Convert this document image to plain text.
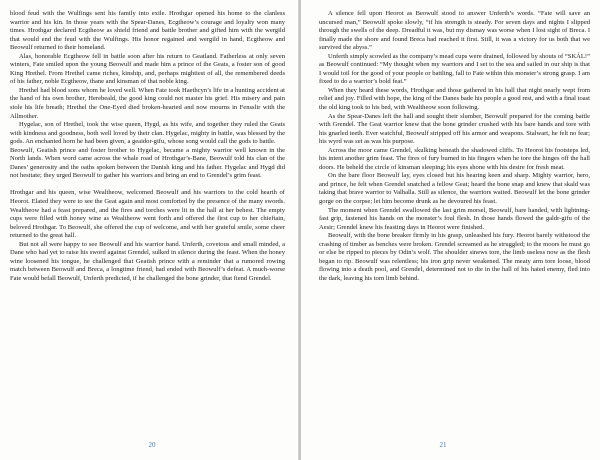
blood feud with the Wulfings sent his family into exile. Hrothgar opened his home to the clanless warrior and his kin. In those years with the Spear-Danes, Ecgtheow’s courage and loyalty won many times. Hrothgar declared Ecgtheow as shield friend and battle brother and gifted him with the wergild that would end the feud with the Wulfings. His honor regained and wergild in hand, Ecgtheow and Beowulf returned to their homeland.

Alas, honorable Ecgtheow fell in battle soon after his return to Geatland. Fatherless at only seven winters, Fate smiled upon the young Beowulf and made him a prince of the Geats, a foster son of good King Hrethel. From Hrethel came riches, kinship, and, perhaps mightiest of all, the remembered deeds of his father, noble Ecgtheow, thane and kinsman of that noble king.

Hrethel had blood sons whom he loved well. When Fate took Haethcyn’s life in a hunting accident at the hand of his own brother, Herebeald, the good king could not master his grief. His misery and pain stole his life breath; Hrethel the One-Eyed died broken-hearted and now mourns in Fensslir with the Allmother.

Hygelac, son of Hrethel, took the wise queen, Hygd, as his wife, and together they ruled the Geats with kindness and goodness, both well loved by their clan. Hygelac, mighty in battle, was blessed by the gods. An enchanted horn he had been given, a geaidor-gifu, whose song would call the gods to battle.

Beowulf, Geatish prince and foster brother to Hygelac, became a mighty warrior well known in the North lands. When word came across the whale road of Hrothgar’s-Bane, Beowulf told his clan of the Danes’ generosity and the oaths spoken between the Danish king and his father. Hygelac and Hygd did not hesitate; they urged Beowulf to gather his warriors and bring an end to Grendel’s grim feast.

Hrothgar and his queen, wise Wealtheow, welcomed Beowulf and his warriors to the cold hearth of Heorot. Elated they were to see the Geat again and most comforted by the presence of the many swords. Wealtheow had a feast prepared, and the fires and torches were lit in the hall at her behest. The empty cups were filled with honey wine as Wealtheow went forth and offered the first cup to her chieftain, beloved Hrothgar. To Beowulf, she offered the cup of welcome, and with her grateful smile, some cheer returned to the great hall.

But not all were happy to see Beowulf and his warrior band. Unferth, covetous and small minded, a Dane who had yet to raise his sword against Grendel, sulked in silence during the feast. When the honey wine loosened his tongue, he challenged that Geatish prince with a reminder that a rumored rowing match between Beowulf and Breca, a longtime friend, had ended with Beowulf’s defeat. A much-worse Fate would befall Beowulf, Unferth predicted, if he challenged the bone grinder, that fiend Grendel.

20

A silence fell upon Heorot as Beowulf stood to answer Unferth’s words. “Fate will save an uncursed man,” Beowulf spoke slowly, “if his strength is steady. For seven days and nights I slipped through the swells of the deep. Dreadful it was, but my dismay was worse when I lost sight of Breca. I finally made the shore and found Breca had reached it first. Still, it was a victory for us both that we survived the abyss.”

Unferth simply scowled as the company’s mead cups were drained, followed by shouts of “SKÁL!” as Beowulf continued: “My thought when my warriors and I set to the sea and sailed in our ship is that I would toil for the good of your people or battling, fall to Fate within this monster’s strong grasp. I am fixed to do a warrior’s bold feat.”

When they heard these words, Hrothgar and those gathered in his hall that night nearly wept from relief and joy. Filled with hope, the king of the Danes bade his people a good rest, and with a final toast the old king took to his bed, with Wealtheow soon following.

As the Spear-Danes left the hall and sought their slumber, Beowulf prepared for the coming battle with Grendel. The Geat warrior knew that the bone grinder crushed with his bare hands and tore with his gnarled teeth. Ever watchful, Beowulf stripped off his armor and weapons. Stalwart, he felt no fear; his wyrd was set as was his purpose.

Across the moor came Grendel, skulking beneath the shadowed cliffs. To Heorot his footsteps led, his intent another grim feast. The fires of fury burned in his fingers when he tore the hinges off the hall doors. He beheld the circle of kinsman sleeping; his eyes shone with his desire for fresh meat.

On the bare floor Beowulf lay, eyes closed but his hearing keen and sharp. Mighty warrior, hero, and prince, he felt when Grendel snatched a fellow Geat; heard the bone snap and knew that skald was taking that brave warrior to Valhalla. Still as silence, the warriors waited. Beowulf let the bone grinder gorge on the corpse; let him become drunk as he devoured his feast.

The moment when Grendel swallowed the last grim morsel, Beowulf, bare handed, with lightning-fast grip, fastened his hands on the monster’s foul flesh. In those hands flowed the galdr-gifu of the Aesir; Grendel knew his feasting days in Heorot were finished.

Beowulf, with the bone breaker firmly in his grasp, unleashed his fury. Heorot barely withstood the crashing of timber as benches were broken. Grendel screamed as he struggled; to the moors he must go or else be ripped to pieces by Odin’s wolf. The shoulder sinews tore, the limb useless now as the flesh began to rip. Beowulf was relentless; his iron grip never weakened. The meaty arm tore loose, blood flowing into a death pool, and Grendel, determined not to die in the hall of his hated enemy, fled into the dark, leaving his torn limb behind.

21
